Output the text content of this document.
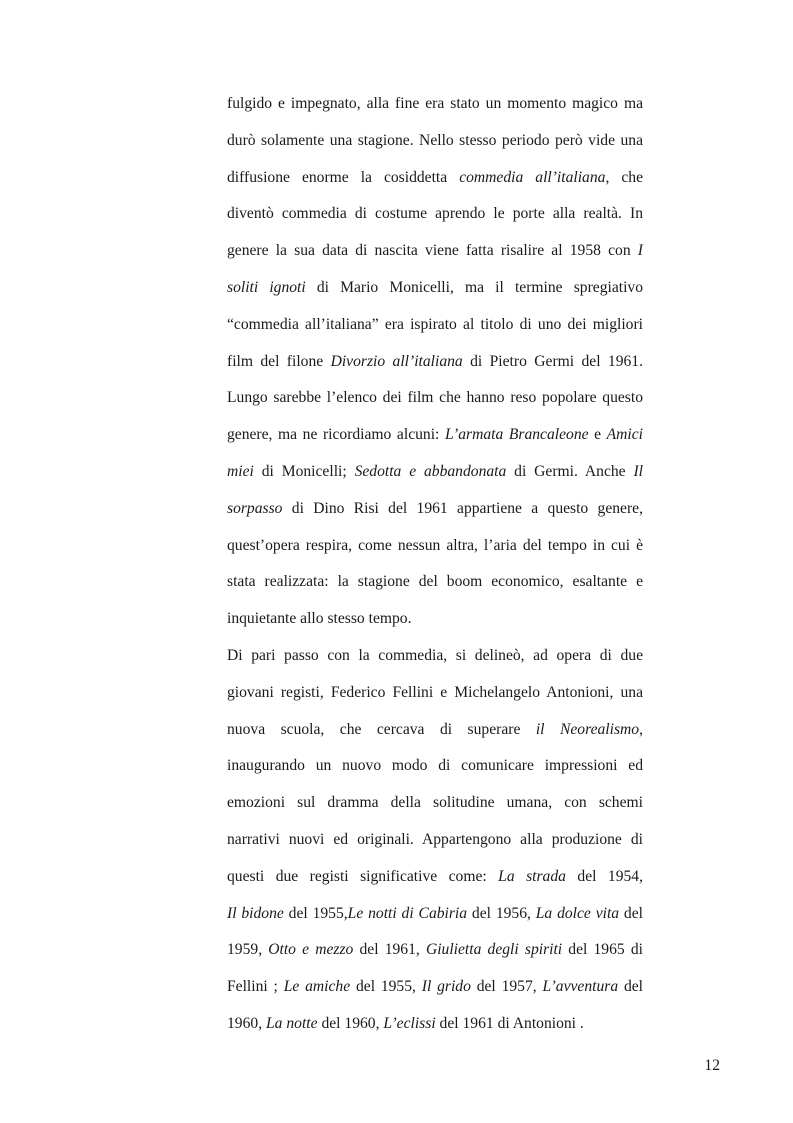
fulgido e impegnato, alla fine era stato un momento magico ma
durò solamente una stagione. Nello stesso periodo però vide una
diffusione enorme la cosiddetta commedia all’italiana, che
diventò commedia di costume aprendo le porte alla realtà. In
genere la sua data di nascita viene fatta risalire al 1958 con I
soliti ignoti di Mario Monicelli, ma il termine spregiativo
“commedia all’italiana” era ispirato al titolo di uno dei migliori
film del filone Divorzio all’italiana di Pietro Germi del 1961.
Lungo sarebbe l’elenco dei film che hanno reso popolare questo
genere, ma ne ricordiamo alcuni: L’armata Brancaleone e Amici
miei di Monicelli; Sedotta e abbandonata di Germi. Anche Il
sorpasso di Dino Risi del 1961 appartiene a questo genere,
quest’opera respira, come nessun altra, l’aria del tempo in cui è
stata realizzata: la stagione del boom economico, esaltante e
inquietante allo stesso tempo.
Di pari passo con la commedia, si delineò, ad opera di due
giovani registi, Federico Fellini e Michelangelo Antonioni, una
nuova scuola, che cercava di superare il Neorealismo,
inaugurando un nuovo modo di comunicare impressioni ed
emozioni sul dramma della solitudine umana, con schemi
narrativi nuovi ed originali. Appartengono alla produzione di
questi due registi significative come: La strada del 1954,
Il bidone del 1955,Le notti di Cabiria del 1956, La dolce vita del
1959, Otto e mezzo del 1961, Giulietta degli spiriti del 1965 di
Fellini ; Le amiche del 1955, Il grido del 1957, L’avventura del
1960, La notte del 1960, L’eclissi del 1961 di Antonioni .
12
